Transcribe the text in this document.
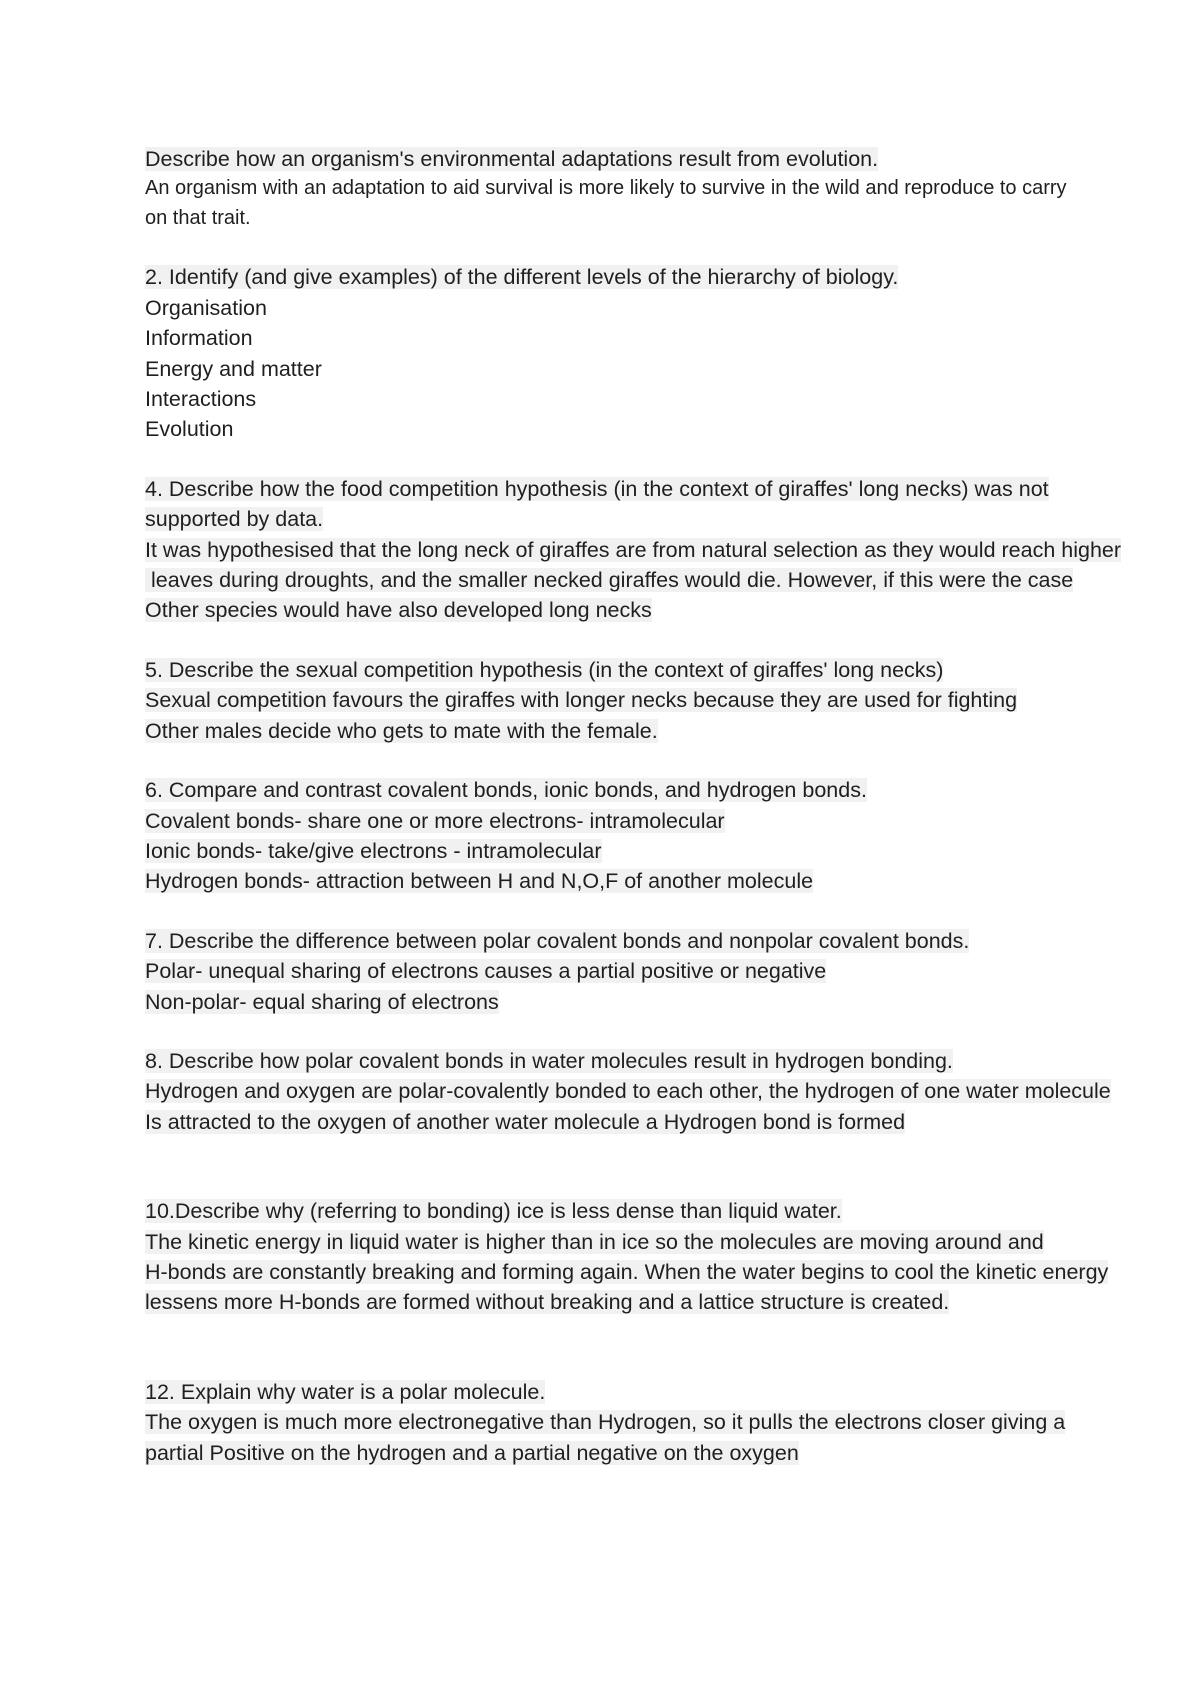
Describe how an organism's environmental adaptations result from evolution.
An organism with an adaptation to aid survival is more likely to survive in the wild and reproduce to carry
on that trait.
2. Identify (and give examples) of the different levels of the hierarchy of biology.
Organisation
Information
Energy and matter
Interactions
Evolution
4. Describe how the food competition hypothesis (in the context of giraffes' long necks) was not
supported by data.
It was hypothesised that the long neck of giraffes are from natural selection as they would reach higher
leaves during droughts, and the smaller necked giraffes would die. However, if this were the case
Other species would have also developed long necks
5. Describe the sexual competition hypothesis (in the context of giraffes' long necks)
Sexual competition favours the giraffes with longer necks because they are used for fighting
Other males decide who gets to mate with the female.
6. Compare and contrast covalent bonds, ionic bonds, and hydrogen bonds.
Covalent bonds- share one or more electrons- intramolecular
Ionic bonds- take/give electrons - intramolecular
Hydrogen bonds- attraction between H and N,O,F of another molecule
7. Describe the difference between polar covalent bonds and nonpolar covalent bonds.
Polar- unequal sharing of electrons causes a partial positive or negative
Non-polar- equal sharing of electrons
8. Describe how polar covalent bonds in water molecules result in hydrogen bonding.
Hydrogen and oxygen are polar-covalently bonded to each other, the hydrogen of one water molecule
Is attracted to the oxygen of another water molecule a Hydrogen bond is formed
10.Describe why (referring to bonding) ice is less dense than liquid water.
The kinetic energy in liquid water is higher than in ice so the molecules are moving around and
H-bonds are constantly breaking and forming again. When the water begins to cool the kinetic energy
lessens more H-bonds are formed without breaking and a lattice structure is created.
12. Explain why water is a polar molecule.
The oxygen is much more electronegative than Hydrogen, so it pulls the electrons closer giving a
partial Positive on the hydrogen and a partial negative on the oxygen
